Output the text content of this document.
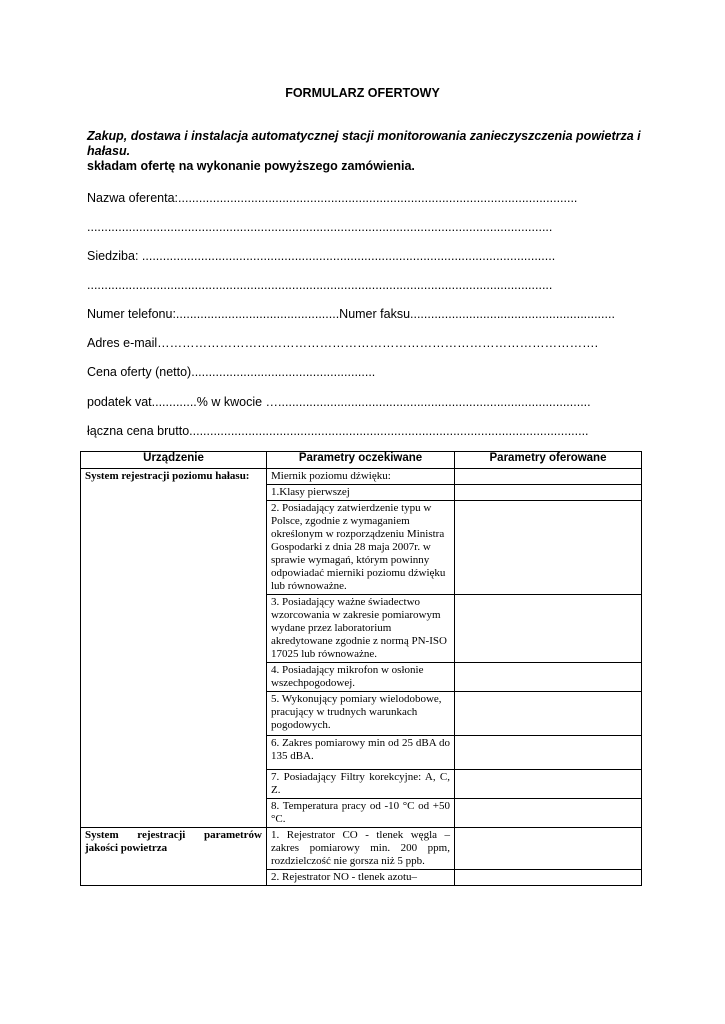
FORMULARZ OFERTOWY
Zakup, dostawa i instalacja automatycznej stacji monitorowania zanieczyszczenia powietrza i hałasu.
składam ofertę na wykonanie powyższego zamówienia.
Nazwa oferenta:...................................................................................................................
......................................................................................................................................
Siedziba: .......................................................................................................................
......................................................................................................................................
Numer telefonu:...............................................Numer faksu...........................................................
Adres e-mail…………………………………………………………………………………………….
Cena oferty (netto).....................................................
podatek vat.............% w kwocie …..........................................................................................
łączna cena brutto...................................................................................................................
Urządzenie	Parametry oczekiwane	Parametry oferowane
System rejestracji poziomu hałasu:	Miernik poziomu dźwięku:	
	1.Klasy pierwszej	
	2. Posiadający zatwierdzenie typu w Polsce, zgodnie z wymaganiem określonym w rozporządzeniu Ministra Gospodarki z dnia 28 maja 2007r. w sprawie wymagań, którym powinny odpowiadać mierniki poziomu dźwięku lub równoważne.	
	3. Posiadający ważne świadectwo wzorcowania w zakresie pomiarowym wydane przez laboratorium akredytowane zgodnie z normą PN-ISO 17025 lub równoważne.	
	4. Posiadający mikrofon w osłonie wszechpogodowej.	
	5. Wykonujący pomiary wielodobowe, pracujący w trudnych warunkach pogodowych.	
	6. Zakres pomiarowy min od 25 dBA do 135 dBA.	
	7. Posiadający Filtry korekcyjne: A, C, Z.	
	8. Temperatura pracy od -10 °C od +50 °C.	
System rejestracji parametrów jakości powietrza	1. Rejestrator CO - tlenek węgla – zakres pomiarowy min. 200 ppm, rozdzielczość nie gorsza niż 5 ppb.	
	2. Rejestrator NO - tlenek azotu–	
